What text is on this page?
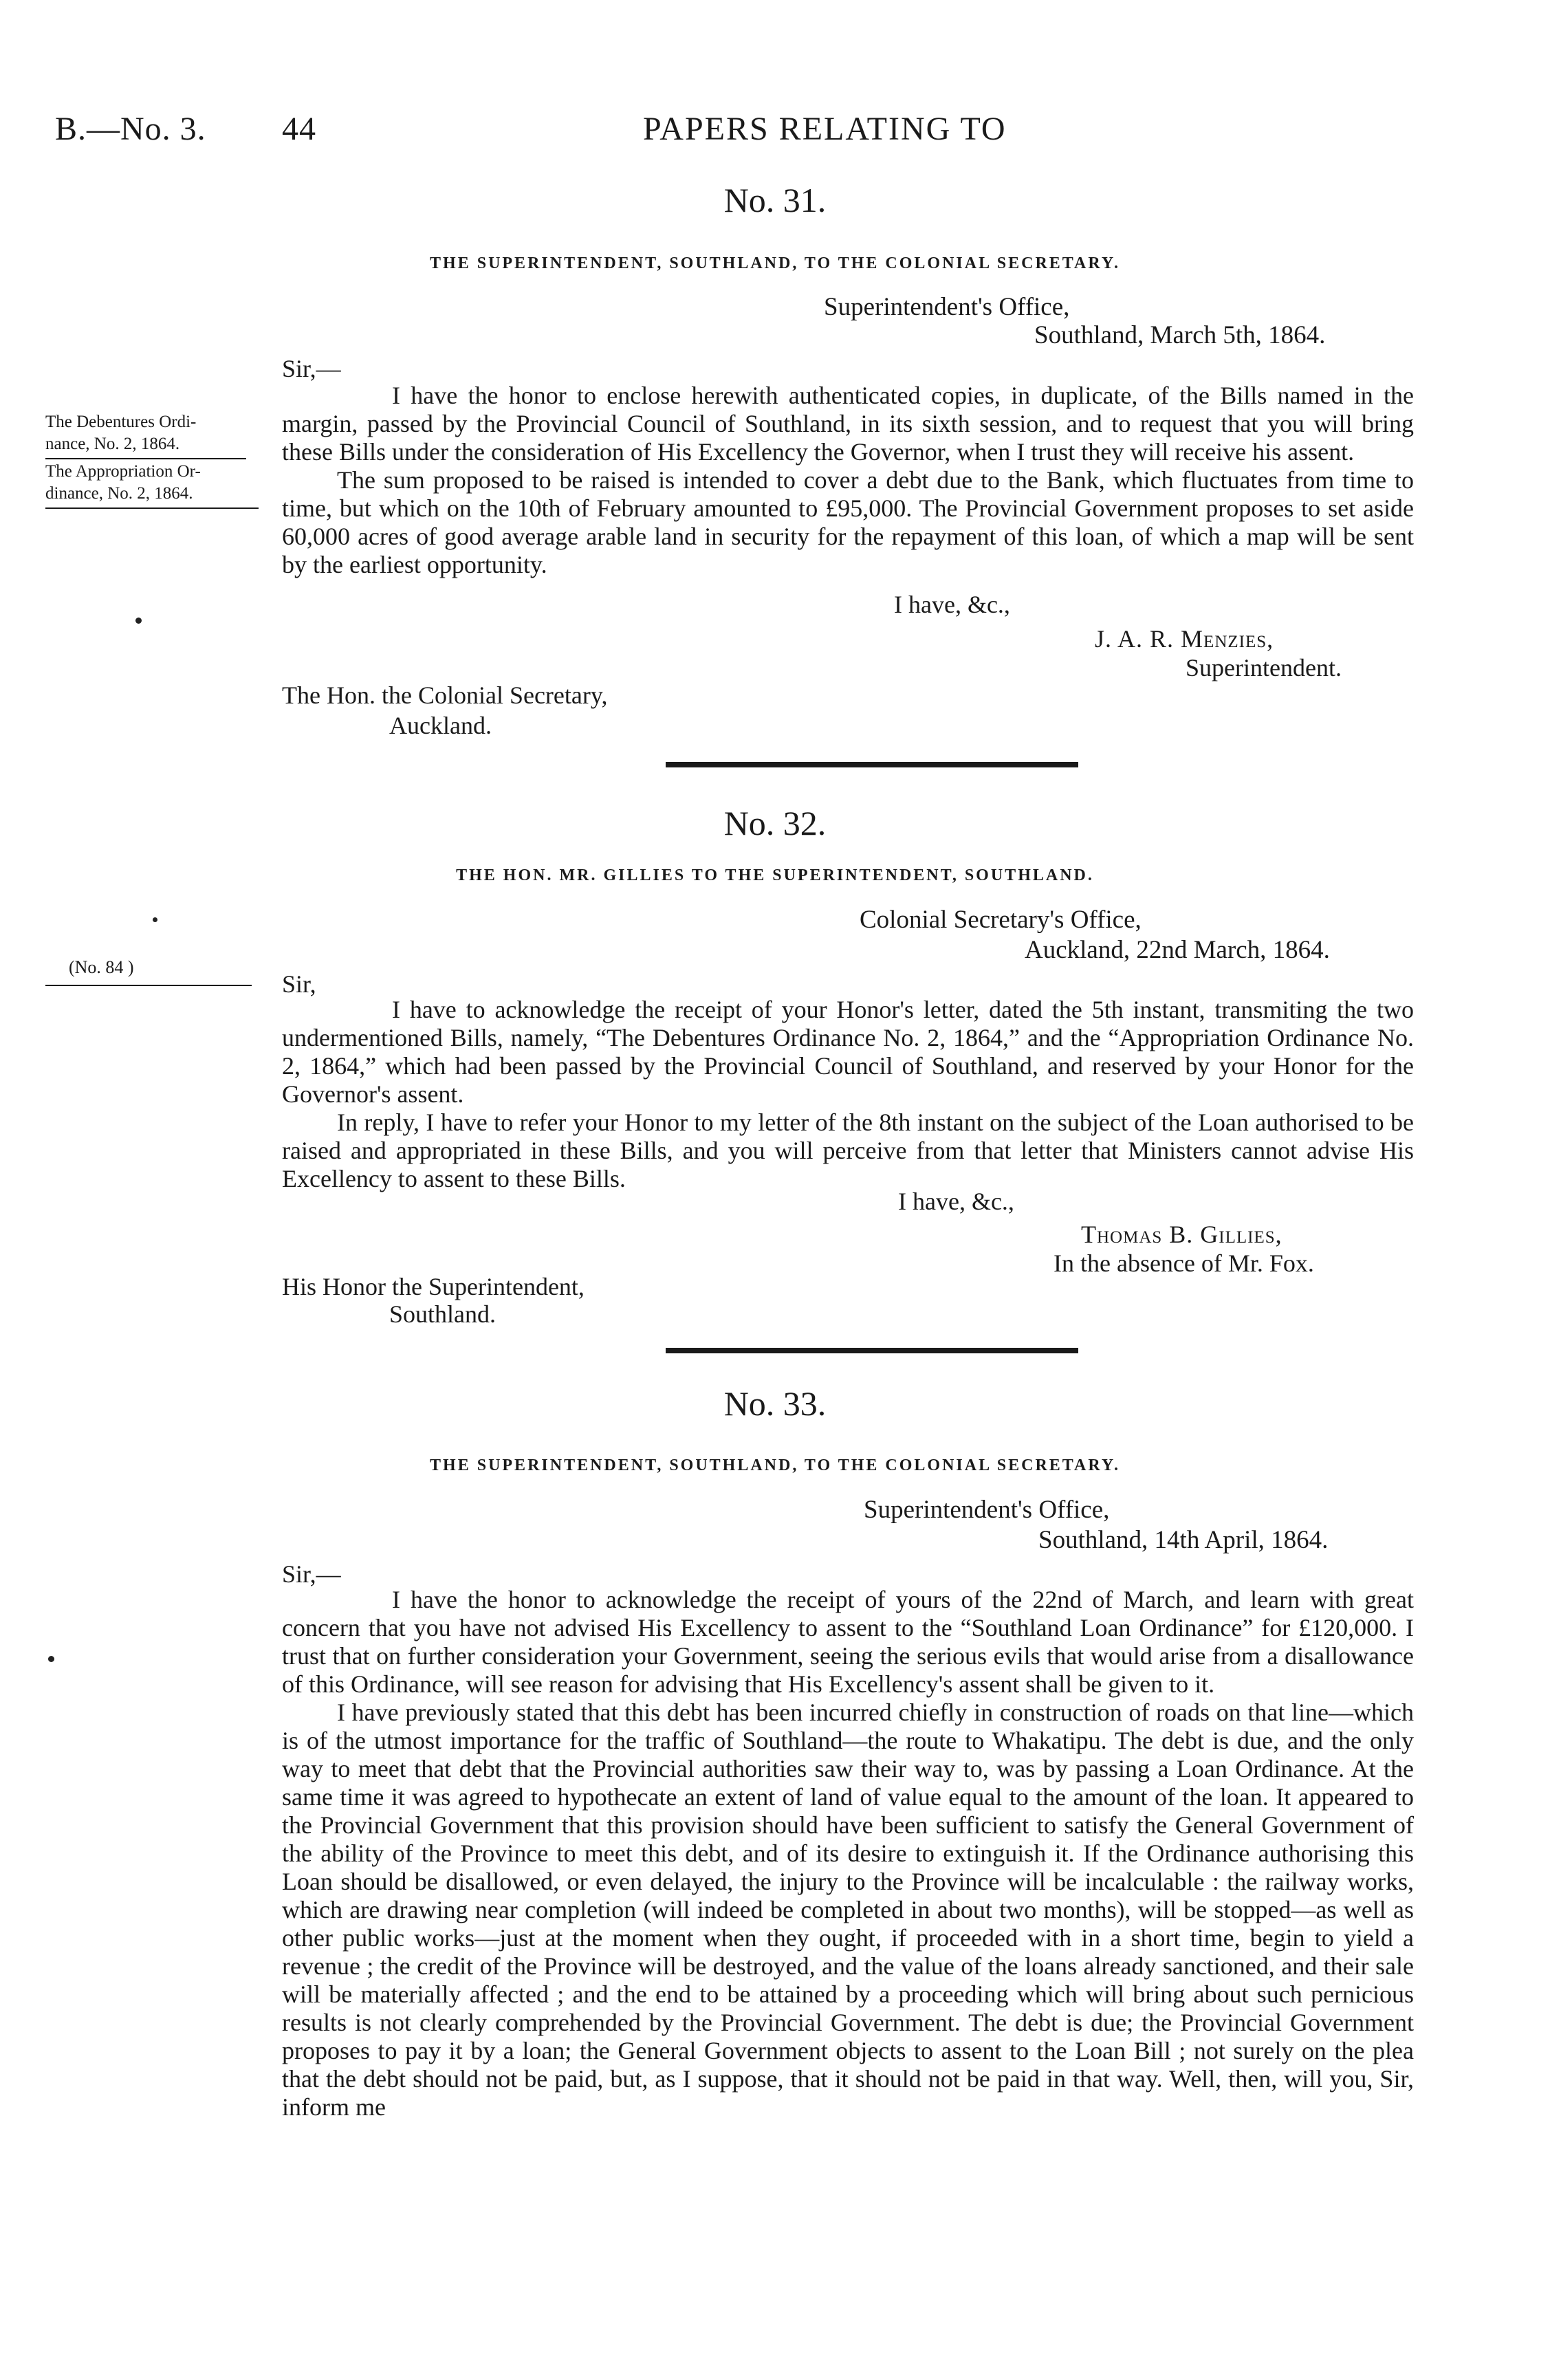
B.—No. 3. 44	PAPERS RELATING TO
No. 31.
THE SUPERINTENDENT, SOUTHLAND, TO THE COLONIAL SECRETARY.
Superintendent's Office,
Southland, March 5th, 1864.
Sir,—
The Debentures Ordi-
nance, No. 2, 1864.
The Appropriation Or-
dinance, No. 2, 1864.

I have the honor to enclose herewith authenticated copies, in duplicate, of the Bills named in the margin, passed by the Provincial Council of Southland, in its sixth session, and to request that you will bring these Bills under the consideration of His Excellency the Governor, when I trust they will receive his assent.

The sum proposed to be raised is intended to cover a debt due to the Bank, which fluctuates from time to time, but which on the 10th of February amounted to £95,000. The Provincial Government proposes to set aside 60,000 acres of good average arable land in security for the repayment of this loan, of which a map will be sent by the earliest opportunity.

I have, &c.,
J. A. R. Menzies,
Superintendent.
The Hon. the Colonial Secretary,
Auckland.
No. 32.
THE HON. MR. GILLIES TO THE SUPERINTENDENT, SOUTHLAND.
Colonial Secretary's Office,
Auckland, 22nd March, 1864.
(No. 84 )
Sir,

I have to acknowledge the receipt of your Honor's letter, dated the 5th instant, transmiting the two undermentioned Bills, namely, “The Debentures Ordinance No. 2, 1864,” and the “Appropriation Ordinance No. 2, 1864,” which had been passed by the Provincial Council of Southland, and reserved by your Honor for the Governor's assent.

In reply, I have to refer your Honor to my letter of the 8th instant on the subject of the Loan authorised to be raised and appropriated in these Bills, and you will perceive from that letter that Ministers cannot advise His Excellency to assent to these Bills.

I have, &c.,
Thomas B. Gillies,
In the absence of Mr. Fox.
His Honor the Superintendent,
Southland.
No. 33.
THE SUPERINTENDENT, SOUTHLAND, TO THE COLONIAL SECRETARY.
Superintendent's Office,
Southland, 14th April, 1864.
Sir,—

I have the honor to acknowledge the receipt of yours of the 22nd of March, and learn with great concern that you have not advised His Excellency to assent to the “Southland Loan Ordinance” for £120,000. I trust that on further consideration your Government, seeing the serious evils that would arise from a disallowance of this Ordinance, will see reason for advising that His Excellency's assent shall be given to it.

I have previously stated that this debt has been incurred chiefly in construction of roads on that line—which is of the utmost importance for the traffic of Southland—the route to Whakatipu. The debt is due, and the only way to meet that debt that the Provincial authorities saw their way to, was by passing a Loan Ordinance. At the same time it was agreed to hypothecate an extent of land of value equal to the amount of the loan. It appeared to the Provincial Government that this provision should have been sufficient to satisfy the General Government of the ability of the Province to meet this debt, and of its desire to extinguish it. If the Ordinance authorising this Loan should be disallowed, or even delayed, the injury to the Province will be incalculable : the railway works, which are drawing near completion (will indeed be completed in about two months), will be stopped—as well as other public works—just at the moment when they ought, if proceeded with in a short time, begin to yield a revenue ; the credit of the Province will be destroyed, and the value of the loans already sanctioned, and their sale will be materially affected ; and the end to be attained by a proceeding which will bring about such pernicious results is not clearly comprehended by the Provincial Government. The debt is due; the Provincial Government proposes to pay it by a loan; the General Government objects to assent to the Loan Bill ; not surely on the plea that the debt should not be paid, but, as I suppose, that it should not be paid in that way. Well, then, will you, Sir, inform me
